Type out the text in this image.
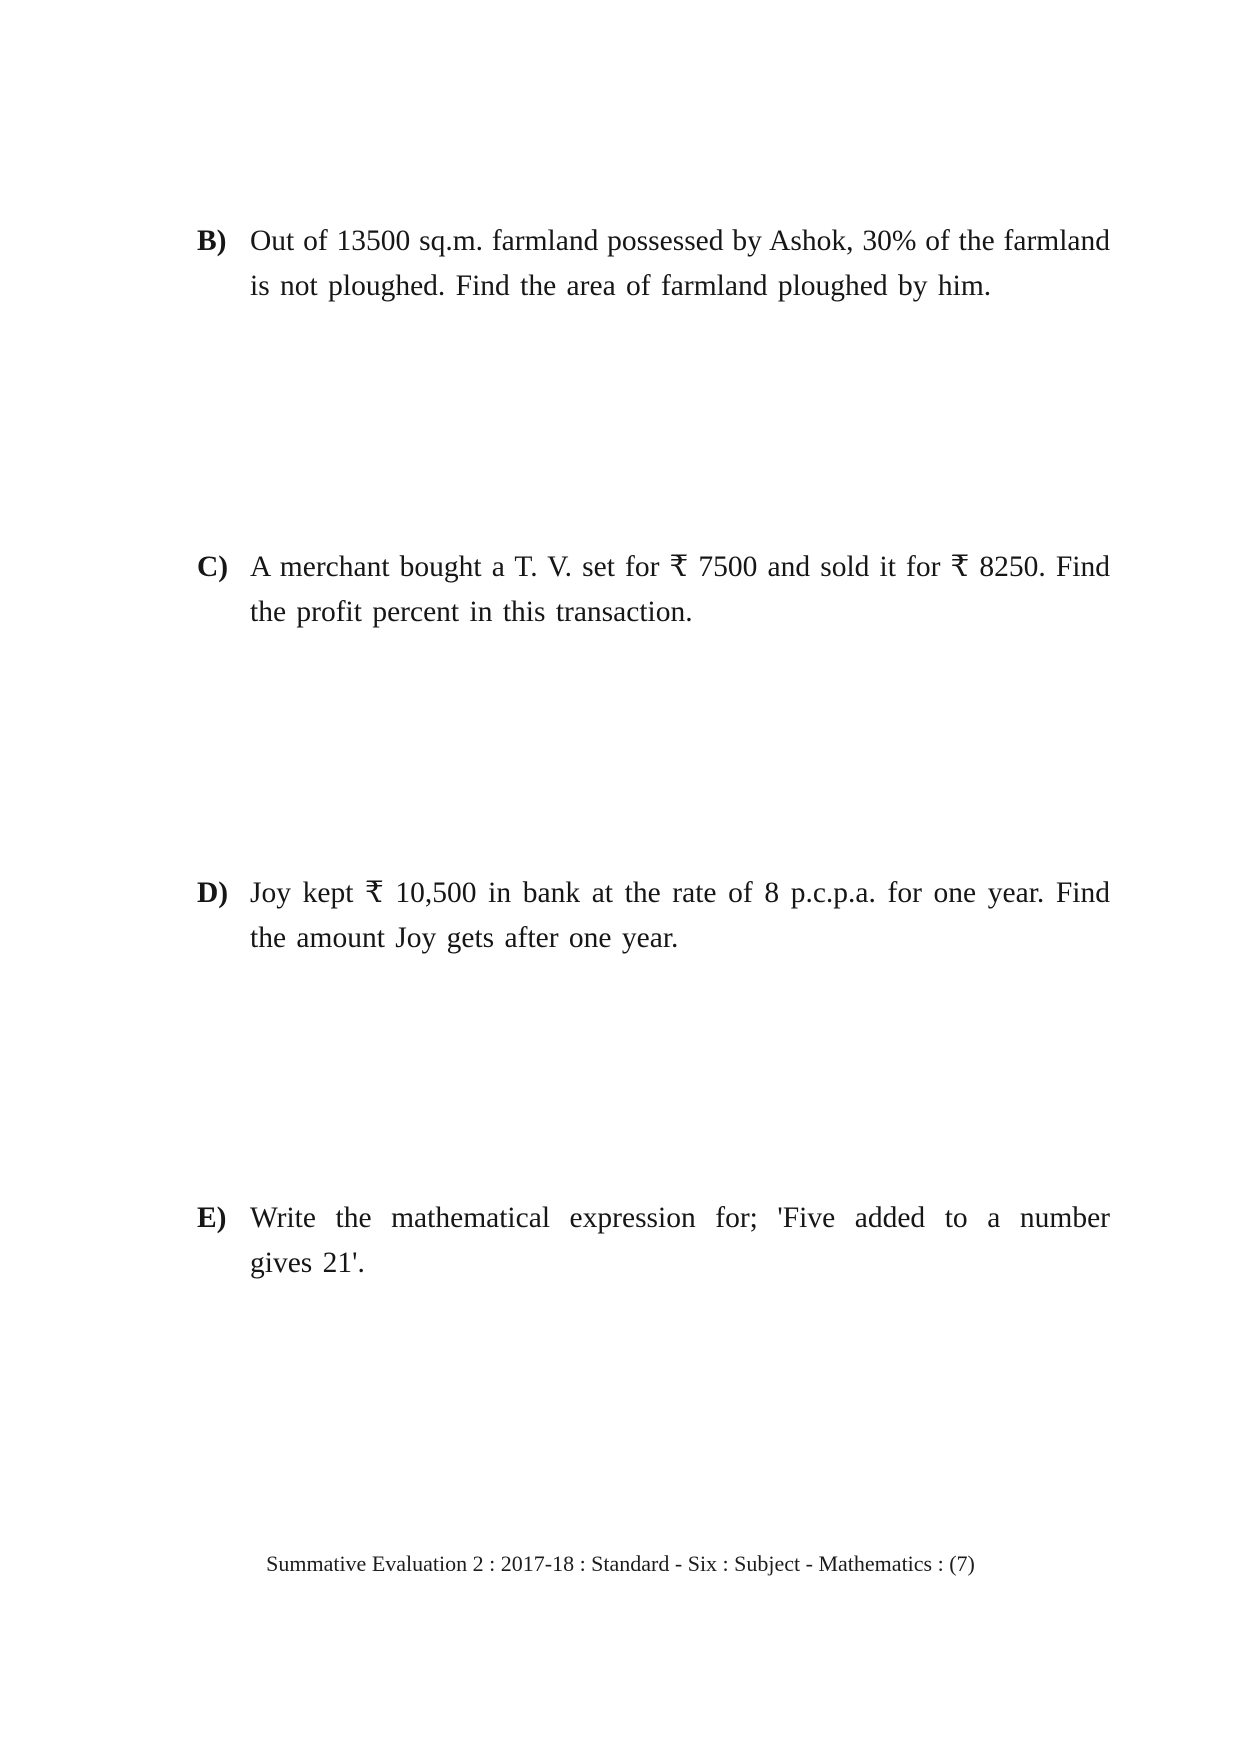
B) Out of 13500 sq.m. farmland possessed by Ashok, 30% of the farmland
is not ploughed. Find the area of farmland ploughed by him.
C) A merchant bought a T. V. set for ₹ 7500 and sold it for ₹ 8250. Find
the profit percent in this transaction.
D) Joy kept ₹ 10,500 in bank at the rate of 8 p.c.p.a. for one year. Find
the amount Joy gets after one year.
E) Write the mathematical expression for; 'Five added to a number
gives 21'.
Summative Evaluation 2 : 2017-18 : Standard - Six : Subject - Mathematics : (7)
